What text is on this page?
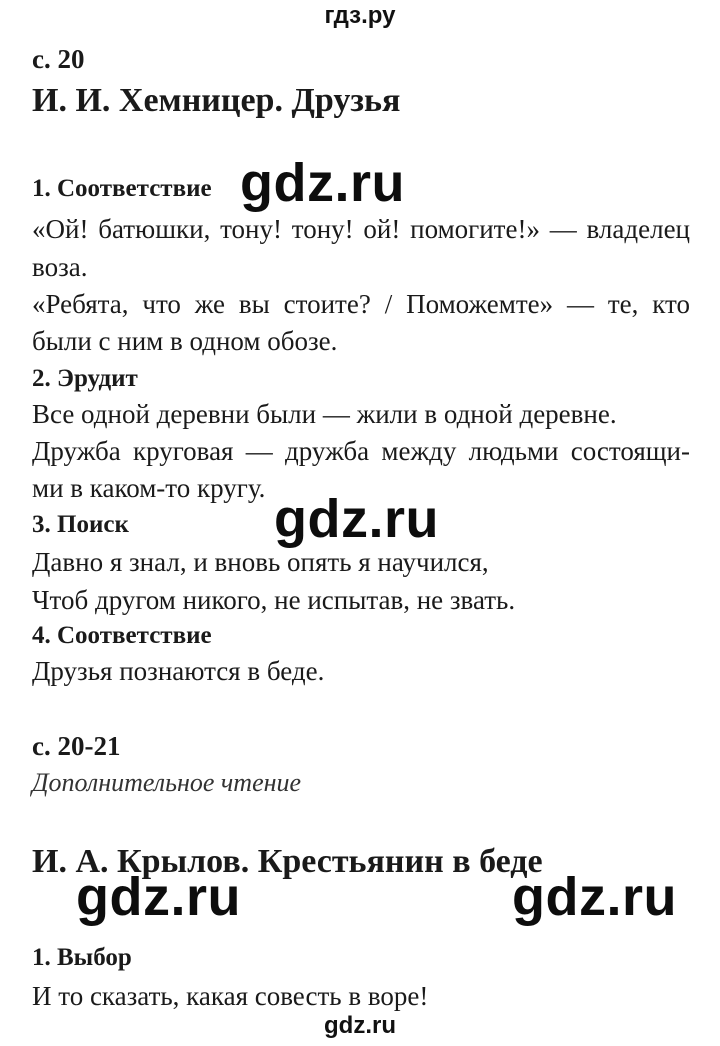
гдз.ру
с. 20
И. И. Хемницер. Друзья
1. Соответствие gdz.ru
«Ой! батюшки, тону! тону! ой! помогите!» — владелец
воза.
«Ребята, что же вы стоите? / Поможемте» — те, кто
были с ним в одном обозе.
2. Эрудит
Все одной деревни были — жили в одной деревне.
Дружба круговая — дружба между людьми состоящи-
ми в каком-то кругу.
3. Поиск	gdz.ru
Давно я знал, и вновь опять я научился,
Чтоб другом никого, не испытав, не звать.
4. Соответствие
Друзья познаются в беде.
с. 20-21
Дополнительное чтение
И. А. Крылов. Крестьянин в беде
gdz.ru	gdz.ru
1. Выбор
И то сказать, какая совесть в воре!
gdz.ru
